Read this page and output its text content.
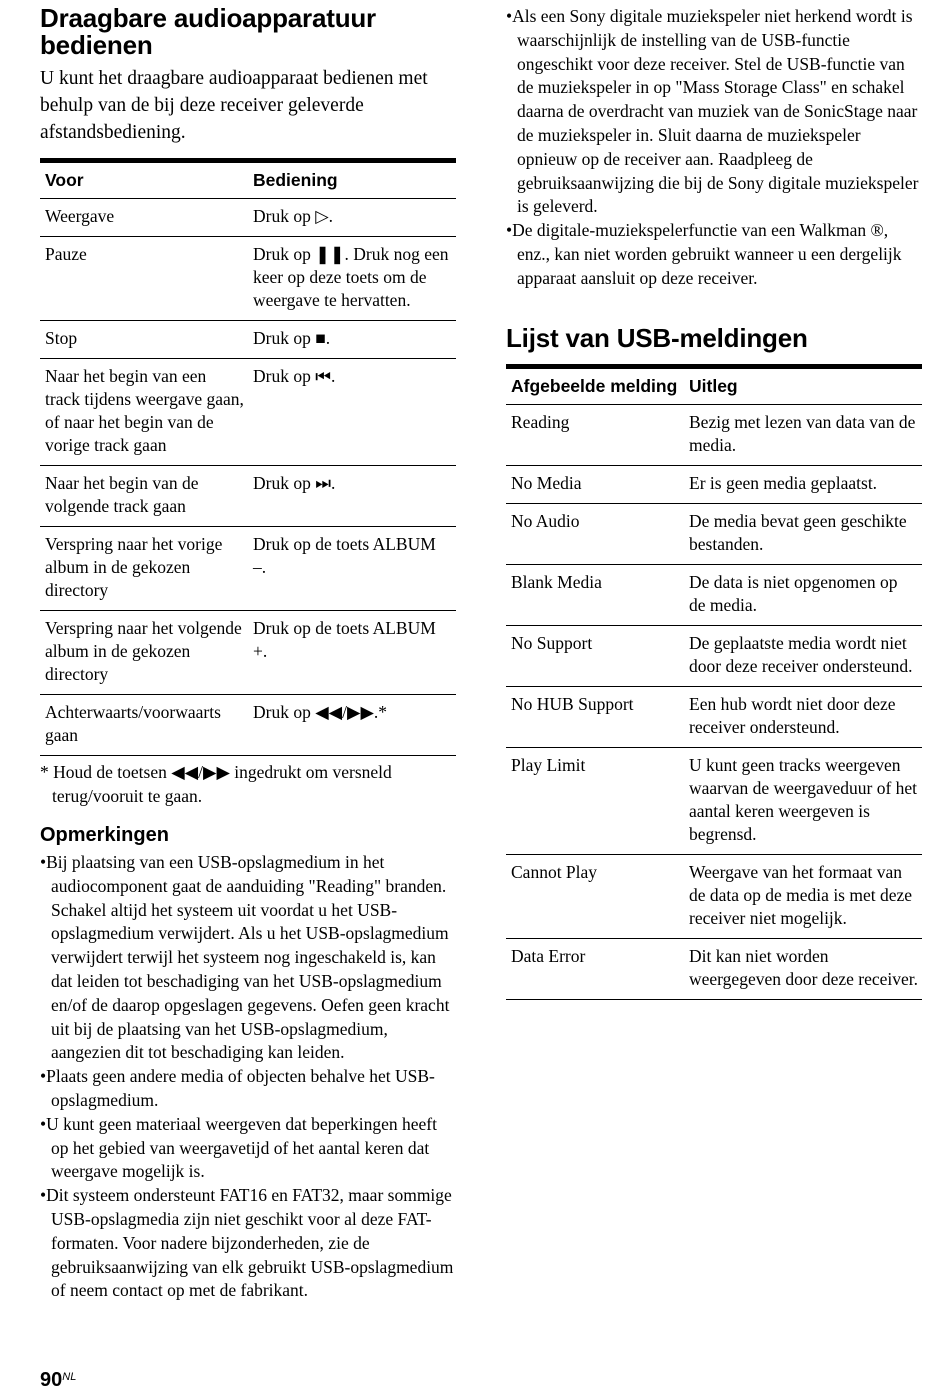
Draagbare audioapparatuur bedienen

U kunt het draagbare audioapparaat bedienen met behulp van de bij deze receiver geleverde afstandsbediening.

Voor	Bediening
Weergave	Druk op ▷.
Pauze	Druk op ❚❚. Druk nog een keer op deze toets om de weergave te hervatten.
Stop	Druk op ■.
Naar het begin van een track tijdens weergave gaan, of naar het begin van de vorige track gaan	Druk op ⏮.
Naar het begin van de volgende track gaan	Druk op ⏭.
Verspring naar het vorige album in de gekozen directory	Druk op de toets ALBUM –.
Verspring naar het volgende album in de gekozen directory	Druk op de toets ALBUM +.
Achterwaarts/voorwaarts gaan	Druk op ◀◀/▶▶.*

* Houd de toetsen ◀◀/▶▶ ingedrukt om versneld terug/vooruit te gaan.

Opmerkingen
•Bij plaatsing van een USB-opslagmedium in het audiocomponent gaat de aanduiding "Reading" branden. Schakel altijd het systeem uit voordat u het USB-opslagmedium verwijdert. Als u het USB-opslagmedium verwijdert terwijl het systeem nog ingeschakeld is, kan dat leiden tot beschadiging van het USB-opslagmedium en/of de daarop opgeslagen gegevens. Oefen geen kracht uit bij de plaatsing van het USB-opslagmedium, aangezien dit tot beschadiging kan leiden.
•Plaats geen andere media of objecten behalve het USB-opslagmedium.
•U kunt geen materiaal weergeven dat beperkingen heeft op het gebied van weergavetijd of het aantal keren dat weergave mogelijk is.
•Dit systeem ondersteunt FAT16 en FAT32, maar sommige USB-opslagmedia zijn niet geschikt voor al deze FAT-formaten. Voor nadere bijzonderheden, zie de gebruiksaanwijzing van elk gebruikt USB-opslagmedium of neem contact op met de fabrikant.
•Als een Sony digitale muziekspeler niet herkend wordt is waarschijnlijk de instelling van de USB-functie ongeschikt voor deze receiver. Stel de USB-functie van de muziekspeler in op "Mass Storage Class" en schakel daarna de overdracht van muziek van de SonicStage naar de muziekspeler in. Sluit daarna de muziekspeler opnieuw op de receiver aan. Raadpleeg de gebruiksaanwijzing die bij de Sony digitale muziekspeler is geleverd.
•De digitale-muziekspelerfunctie van een Walkman ®, enz., kan niet worden gebruikt wanneer u een dergelijk apparaat aansluit op deze receiver.
Lijst van USB-meldingen
Afgebeelde melding	Uitleg
Reading	Bezig met lezen van data van de media.
No Media	Er is geen media geplaatst.
No Audio	De media bevat geen geschikte bestanden.
Blank Media	De data is niet opgenomen op de media.
No Support	De geplaatste media wordt niet door deze receiver ondersteund.
No HUB Support	Een hub wordt niet door deze receiver ondersteund.
Play Limit	U kunt geen tracks weergeven waarvan de weergaveduur of het aantal keren weergeven is begrensd.
Cannot Play	Weergave van het formaat van de data op de media is met deze receiver niet mogelijk.
Data Error	Dit kan niet worden weergegeven door deze receiver.
$90^{NL}$
